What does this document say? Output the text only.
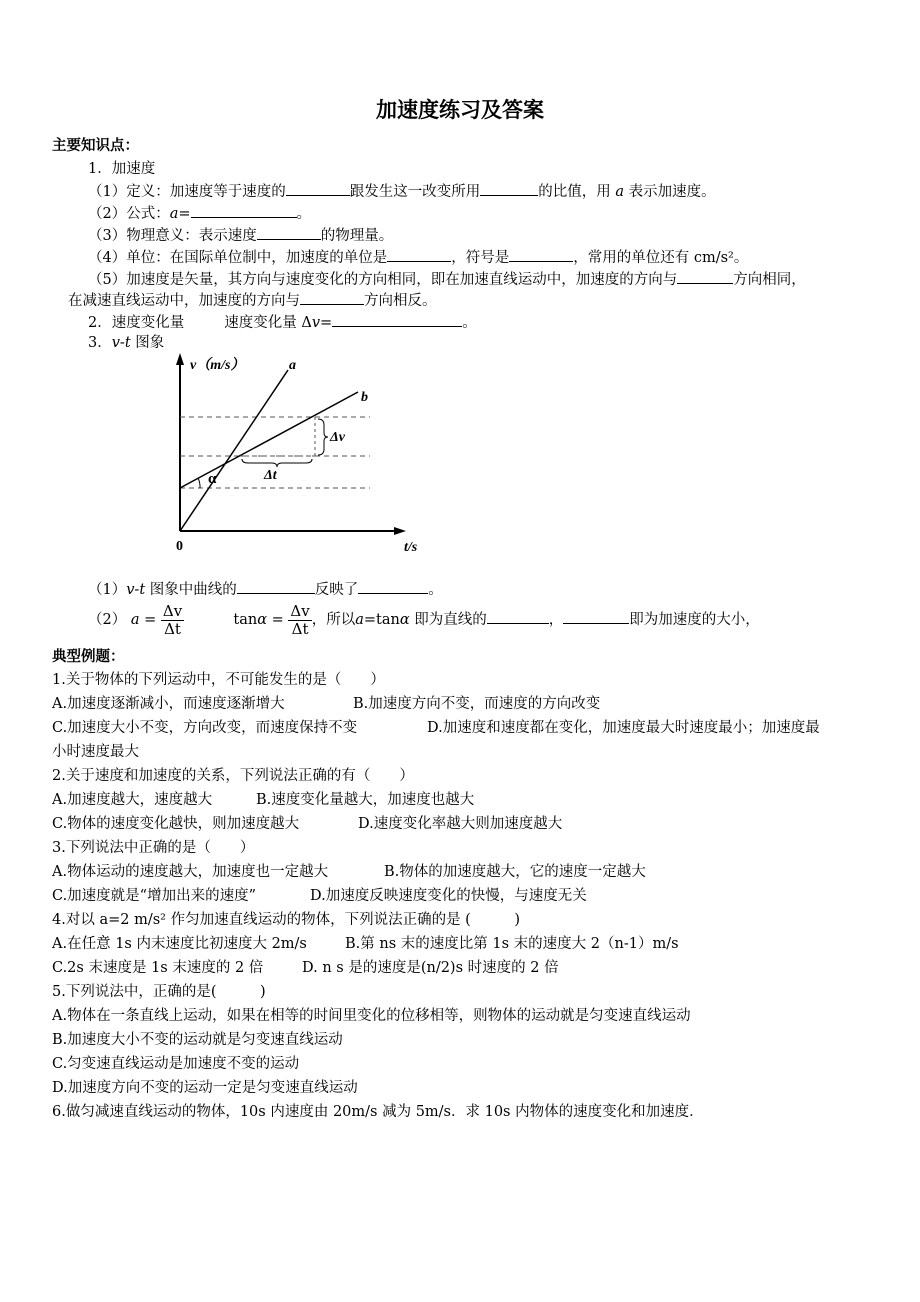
加速度练习及答案
主要知识点：
1．加速度
（1）定义：加速度等于速度的	跟发生这一改变所用	的比值，用 a 表示加速度。
（2）公式：a=	。
（3）物理意义：表示速度	的物理量。
（4）单位：在国际单位制中，加速度的单位是	，符号是	，常用的单位还有 cm/s²。
（5）加速度是矢量，其方向与速度变化的方向相同，即在加速直线运动中，加速度的方向与	方向相同，
在减速直线运动中，加速度的方向与	方向相反。
2．速度变化量	速度变化量 Δv=	。
3．v-t 图象
v（m/s）	a
b
Δv
Δt
α
0	t/s
（1）v-t 图象中曲线的	反映了	。
（2） $a = \frac{\Delta v}{\Delta t}$	$\tan\alpha = \frac{\Delta v}{\Delta t}$ ，所以a=tanα 即为直线的	，	即为加速度的大小，
典型例题：
1.关于物体的下列运动中，不可能发生的是（　　）
A.加速度逐渐减小，而速度逐渐增大	B.加速度方向不变，而速度的方向改变
C.加速度大小不变，方向改变，而速度保持不变	D.加速度和速度都在变化，加速度最大时速度最小；加速度最
小时速度最大
2.关于速度和加速度的关系，下列说法正确的有（　　）
A.加速度越大，速度越大	B.速度变化量越大，加速度也越大
C.物体的速度变化越快，则加速度越大	D.速度变化率越大则加速度越大
3.下列说法中正确的是（　　）
A.物体运动的速度越大，加速度也一定越大	B.物体的加速度越大，它的速度一定越大
C.加速度就是“增加出来的速度”	D.加速度反映速度变化的快慢，与速度无关
4.对以 a=2 m/s² 作匀加速直线运动的物体，下列说法正确的是 (　　　)
A.在任意 1s 内末速度比初速度大 2m/s	B.第 ns 末的速度比第 1s 末的速度大 2（n-1）m/s
C.2s 末速度是 1s 末速度的 2 倍	D. n s 是的速度是(n/2)s 时速度的 2 倍
5.下列说法中，正确的是(　　　)
A.物体在一条直线上运动，如果在相等的时间里变化的位移相等，则物体的运动就是匀变速直线运动
B.加速度大小不变的运动就是匀变速直线运动
C.匀变速直线运动是加速度不变的运动
D.加速度方向不变的运动一定是匀变速直线运动
6.做匀减速直线运动的物体，10s 内速度由 20m/s 减为 5m/s．求 10s 内物体的速度变化和加速度．
